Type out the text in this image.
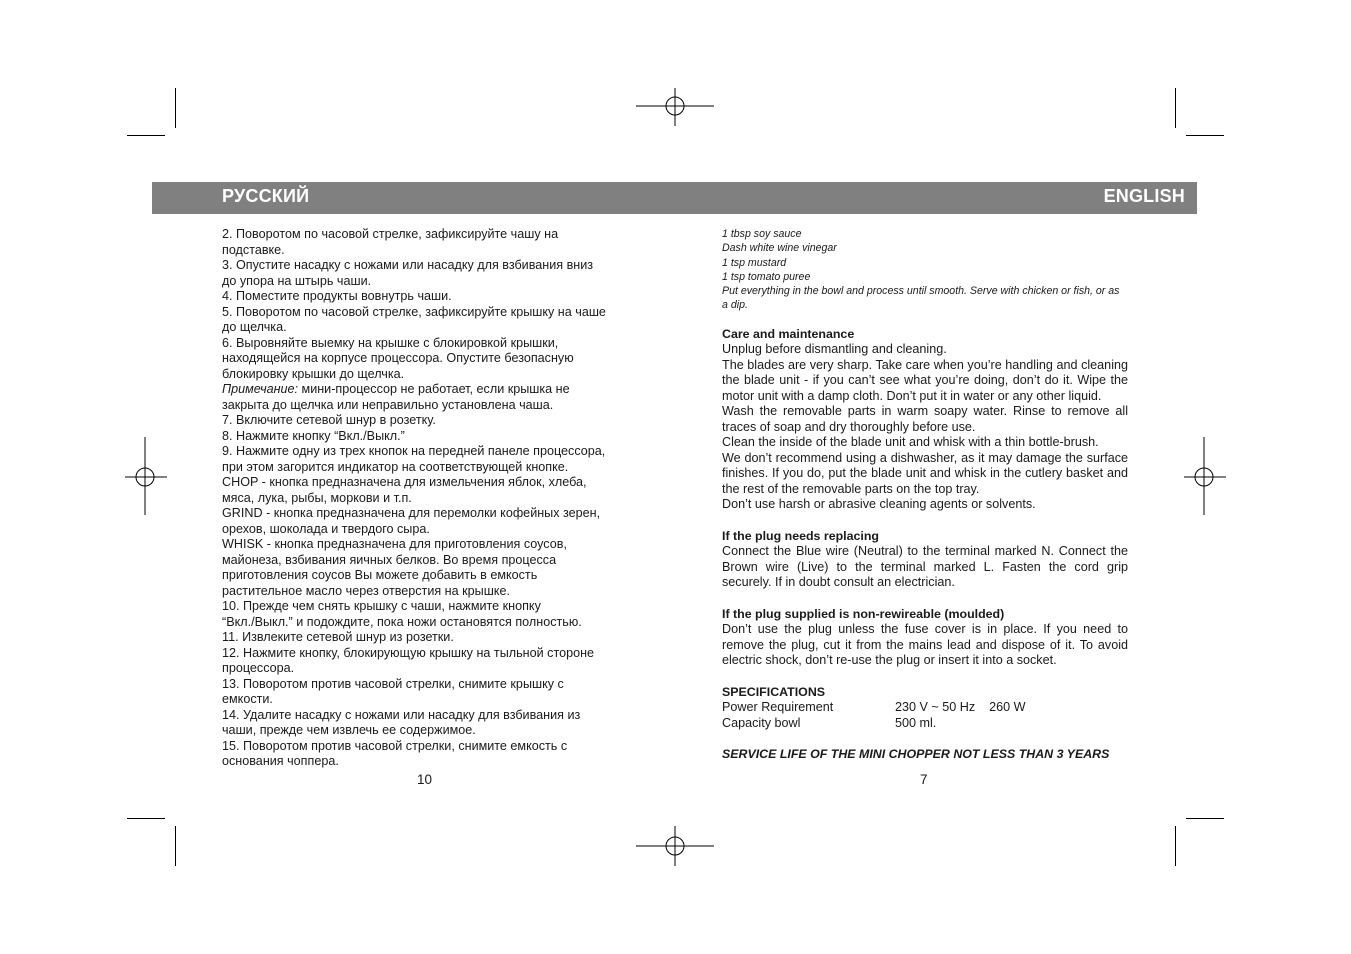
РУССКИЙ	ENGLISH

2. Поворотом по часовой стрелке, зафиксируйте чашу на

подставке.

3. Опустите насадку с ножами или насадку для взбивания вниз

до упора на штырь чаши.

4. Поместите продукты вовнутрь чаши.

5. Поворотом по часовой стрелке, зафиксируйте крышку на чаше

до щелчка.

6. Выровняйте выемку на крышке с блокировкой крышки,

находящейся на корпусе процессора. Опустите безопасную

блокировку крышки до щелчка.

Примечание: мини-процессор не работает, если крышка не

закрыта до щелчка или неправильно установлена чаша.

7. Включите сетевой шнур в розетку.

8. Нажмите кнопку “Вкл./Выкл.”

9. Нажмите одну из трех кнопок на передней панеле процессора,

при этом загорится индикатор на соответствующей кнопке.

CHOP - кнопка предназначена для измельчения яблок, хлеба,

мяса, лука, рыбы, моркови и т.п.

GRIND - кнопка предназначена для перемолки кофейных зерен,

орехов, шоколада и твердого сыра.

WHISK - кнопка предназначена для приготовления соусов,

майонеза, взбивания яичных белков. Во время процесса

приготовления соусов Вы можете добавить в емкость

растительное масло через отверстия на крышке.

10. Прежде чем снять крышку с чаши, нажмите кнопку

“Вкл./Выкл.” и подождите, пока ножи остановятся полностью.

11. Извлеките сетевой шнур из розетки.

12. Нажмите кнопку, блокирующую крышку на тыльной стороне

процессора.

13. Поворотом против часовой стрелки, снимите крышку с

емкости.

14. Удалите насадку с ножами или насадку для взбивания из

чаши, прежде чем извлечь ее содержимое.

15. Поворотом против часовой стрелки, снимите емкость с

основания чоппера.

10

1 tbsp soy sauce

Dash white wine vinegar

1 tsp mustard

1 tsp tomato puree

Put everything in the bowl and process until smooth. Serve with chicken or fish, or as a dip.

Care and maintenance

Unplug before dismantling and cleaning.

The blades are very sharp. Take care when you’re handling and cleaning the blade unit - if you can’t see what you’re doing, don’t do it. Wipe the motor unit with a damp cloth. Don’t put it in water or any other liquid.

Wash the removable parts in warm soapy water. Rinse to remove all traces of soap and dry thoroughly before use.

Clean the inside of the blade unit and whisk with a thin bottle-brush.

We don’t recommend using a dishwasher, as it may damage the surface finishes. If you do, put the blade unit and whisk in the cutlery basket and the rest of the removable parts on the top tray.

Don’t use harsh or abrasive cleaning agents or solvents.

If the plug needs replacing

Connect the Blue wire (Neutral) to the terminal marked N. Connect the Brown wire (Live) to the terminal marked L. Fasten the cord grip securely. If in doubt consult an electrician.

If the plug supplied is non-rewireable (moulded)

Don’t use the plug unless the fuse cover is in place. If you need to remove the plug, cut it from the mains lead and dispose of it. To avoid electric shock, don’t re-use the plug or insert it into a socket.

SPECIFICATIONS

Power Requirement	230 V ~ 50 Hz    260 W
Capacity bowl	500 ml.

SERVICE LIFE OF THE MINI CHOPPER NOT LESS THAN 3 YEARS

7
